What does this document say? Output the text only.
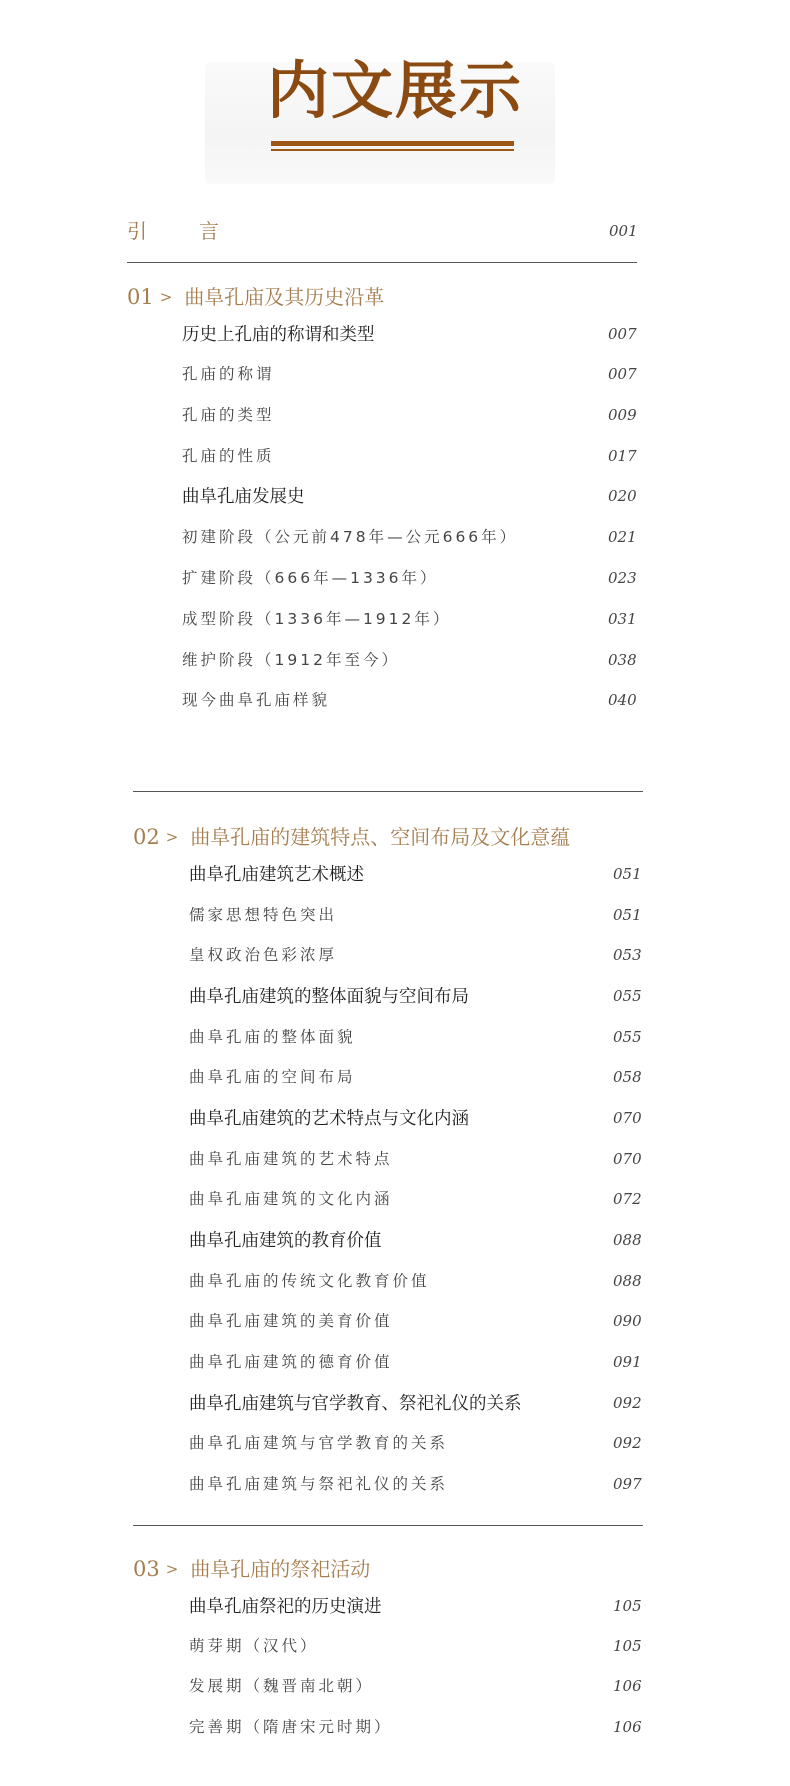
内文展示
引　言	001
01 > 曲阜孔庙及其历史沿革
历史上孔庙的称谓和类型	007
孔庙的称谓	007
孔庙的类型	009
孔庙的性质	017
曲阜孔庙发展史	020
初建阶段（公元前478年—公元666年）	021
扩建阶段（666年—1336年）	023
成型阶段（1336年—1912年）	031
维护阶段（1912年至今）	038
现今曲阜孔庙样貌	040
02 > 曲阜孔庙的建筑特点、空间布局及文化意蕴
曲阜孔庙建筑艺术概述	051
儒家思想特色突出	051
皇权政治色彩浓厚	053
曲阜孔庙建筑的整体面貌与空间布局	055
曲阜孔庙的整体面貌	055
曲阜孔庙的空间布局	058
曲阜孔庙建筑的艺术特点与文化内涵	070
曲阜孔庙建筑的艺术特点	070
曲阜孔庙建筑的文化内涵	072
曲阜孔庙建筑的教育价值	088
曲阜孔庙的传统文化教育价值	088
曲阜孔庙建筑的美育价值	090
曲阜孔庙建筑的德育价值	091
曲阜孔庙建筑与官学教育、祭祀礼仪的关系	092
曲阜孔庙建筑与官学教育的关系	092
曲阜孔庙建筑与祭祀礼仪的关系	097
03 > 曲阜孔庙的祭祀活动
曲阜孔庙祭祀的历史演进	105
萌芽期（汉代）	105
发展期（魏晋南北朝）	106
完善期（隋唐宋元时期）	106
